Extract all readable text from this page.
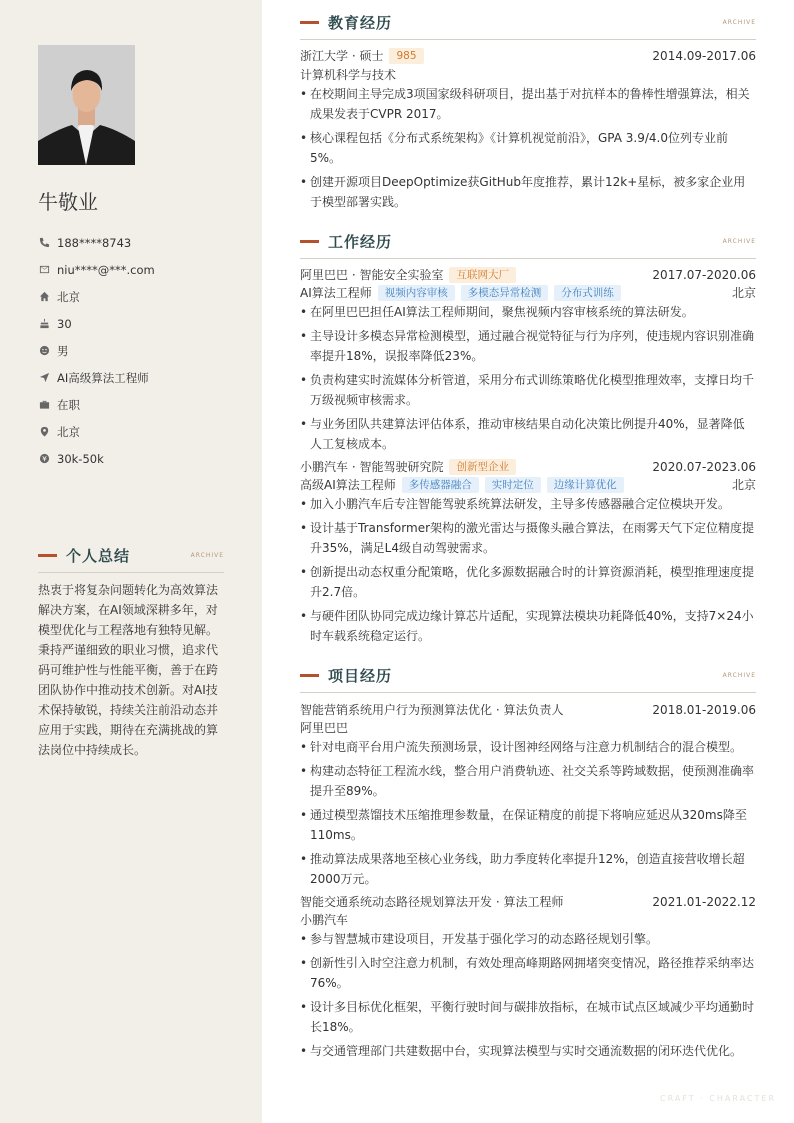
牛敬业
188****8743
niu****@***.com
北京
30
男
AI高级算法工程师
在职
北京
30k-50k
个人总结	ARCHIVE
热衷于将复杂问题转化为高效算法解决方案，在AI领域深耕多年，对模型优化与工程落地有独特见解。秉持严谨细致的职业习惯，追求代码可维护性与性能平衡，善于在跨团队协作中推动技术创新。对AI技术保持敏锐，持续关注前沿动态并应用于实践，期待在充满挑战的算法岗位中持续成长。
教育经历	ARCHIVE
浙江大学 · 硕士	985	2014.09-2017.06
计算机科学与技术
• 在校期间主导完成3项国家级科研项目，提出基于对抗样本的鲁棒性增强算法，相关成果发表于CVPR 2017。
• 核心课程包括《分布式系统架构》《计算机视觉前沿》，GPA 3.9/4.0位列专业前5%。
• 创建开源项目DeepOptimize获GitHub年度推荐，累计12k+星标，被多家企业用于模型部署实践。
工作经历	ARCHIVE
阿里巴巴 · 智能安全实验室	互联网大厂	2017.07-2020.06
AI算法工程师	视频内容审核	多模态异常检测	分布式训练	北京
• 在阿里巴巴担任AI算法工程师期间，聚焦视频内容审核系统的算法研发。
• 主导设计多模态异常检测模型，通过融合视觉特征与行为序列，使违规内容识别准确率提升18%，误报率降低23%。
• 负责构建实时流媒体分析管道，采用分布式训练策略优化模型推理效率，支撑日均千万级视频审核需求。
• 与业务团队共建算法评估体系，推动审核结果自动化决策比例提升40%，显著降低人工复核成本。
小鹏汽车 · 智能驾驶研究院	创新型企业	2020.07-2023.06
高级AI算法工程师	多传感器融合	实时定位	边缘计算优化	北京
• 加入小鹏汽车后专注智能驾驶系统算法研发，主导多传感器融合定位模块开发。
• 设计基于Transformer架构的激光雷达与摄像头融合算法，在雨雾天气下定位精度提升35%，满足L4级自动驾驶需求。
• 创新提出动态权重分配策略，优化多源数据融合时的计算资源消耗，模型推理速度提升2.7倍。
• 与硬件团队协同完成边缘计算芯片适配，实现算法模块功耗降低40%，支持7×24小时车载系统稳定运行。
项目经历	ARCHIVE
智能营销系统用户行为预测算法优化 · 算法负责人	2018.01-2019.06
阿里巴巴
• 针对电商平台用户流失预测场景，设计图神经网络与注意力机制结合的混合模型。
• 构建动态特征工程流水线，整合用户消费轨迹、社交关系等跨域数据，使预测准确率提升至89%。
• 通过模型蒸馏技术压缩推理参数量，在保证精度的前提下将响应延迟从320ms降至110ms。
• 推动算法成果落地至核心业务线，助力季度转化率提升12%，创造直接营收增长超2000万元。
智能交通系统动态路径规划算法开发 · 算法工程师	2021.01-2022.12
小鹏汽车
• 参与智慧城市建设项目，开发基于强化学习的动态路径规划引擎。
• 创新性引入时空注意力机制，有效处理高峰期路网拥堵突变情况，路径推荐采纳率达76%。
• 设计多目标优化框架，平衡行驶时间与碳排放指标，在城市试点区域减少平均通勤时长18%。
• 与交通管理部门共建数据中台，实现算法模型与实时交通流数据的闭环迭代优化。
CRAFT · CHARACTER
